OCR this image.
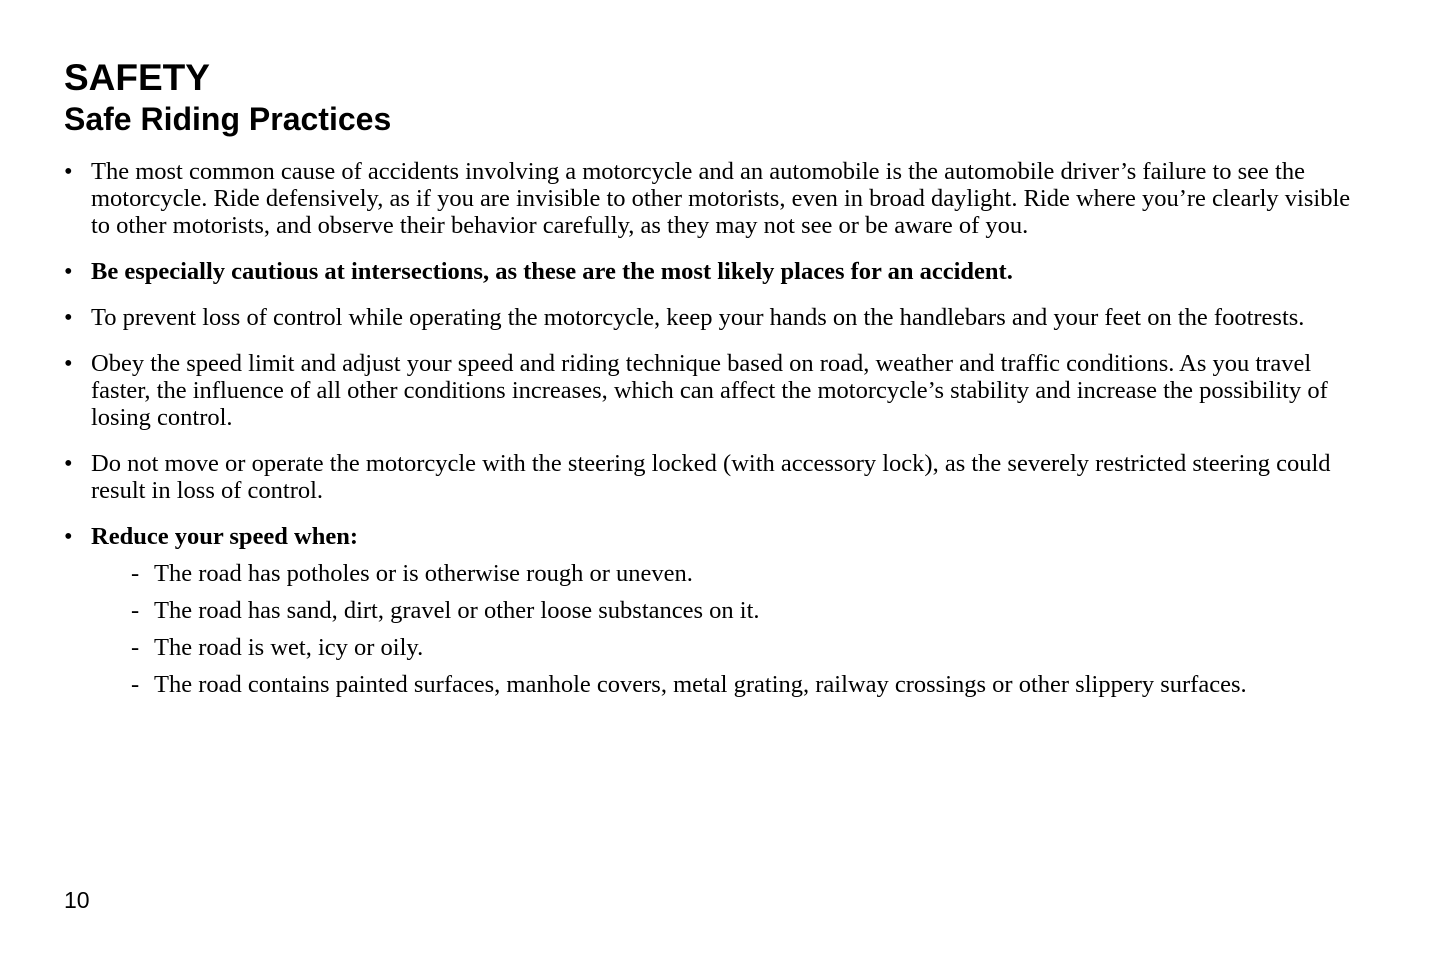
SAFETY
Safe Riding Practices
• The most common cause of accidents involving a motorcycle and an automobile is the automobile driver’s failure to see the motorcycle. Ride defensively, as if you are invisible to other motorists, even in broad daylight. Ride where you’re clearly visible to other motorists, and observe their behavior carefully, as they may not see or be aware of you.
• Be especially cautious at intersections, as these are the most likely places for an accident.
• To prevent loss of control while operating the motorcycle, keep your hands on the handlebars and your feet on the footrests.
• Obey the speed limit and adjust your speed and riding technique based on road, weather and traffic conditions. As you travel faster, the influence of all other conditions increases, which can affect the motorcycle’s stability and increase the possibility of losing control.
• Do not move or operate the motorcycle with the steering locked (with accessory lock), as the severely restricted steering could result in loss of control.
• Reduce your speed when:
- The road has potholes or is otherwise rough or uneven.
- The road has sand, dirt, gravel or other loose substances on it.
- The road is wet, icy or oily.
- The road contains painted surfaces, manhole covers, metal grating, railway crossings or other slippery surfaces.
10
